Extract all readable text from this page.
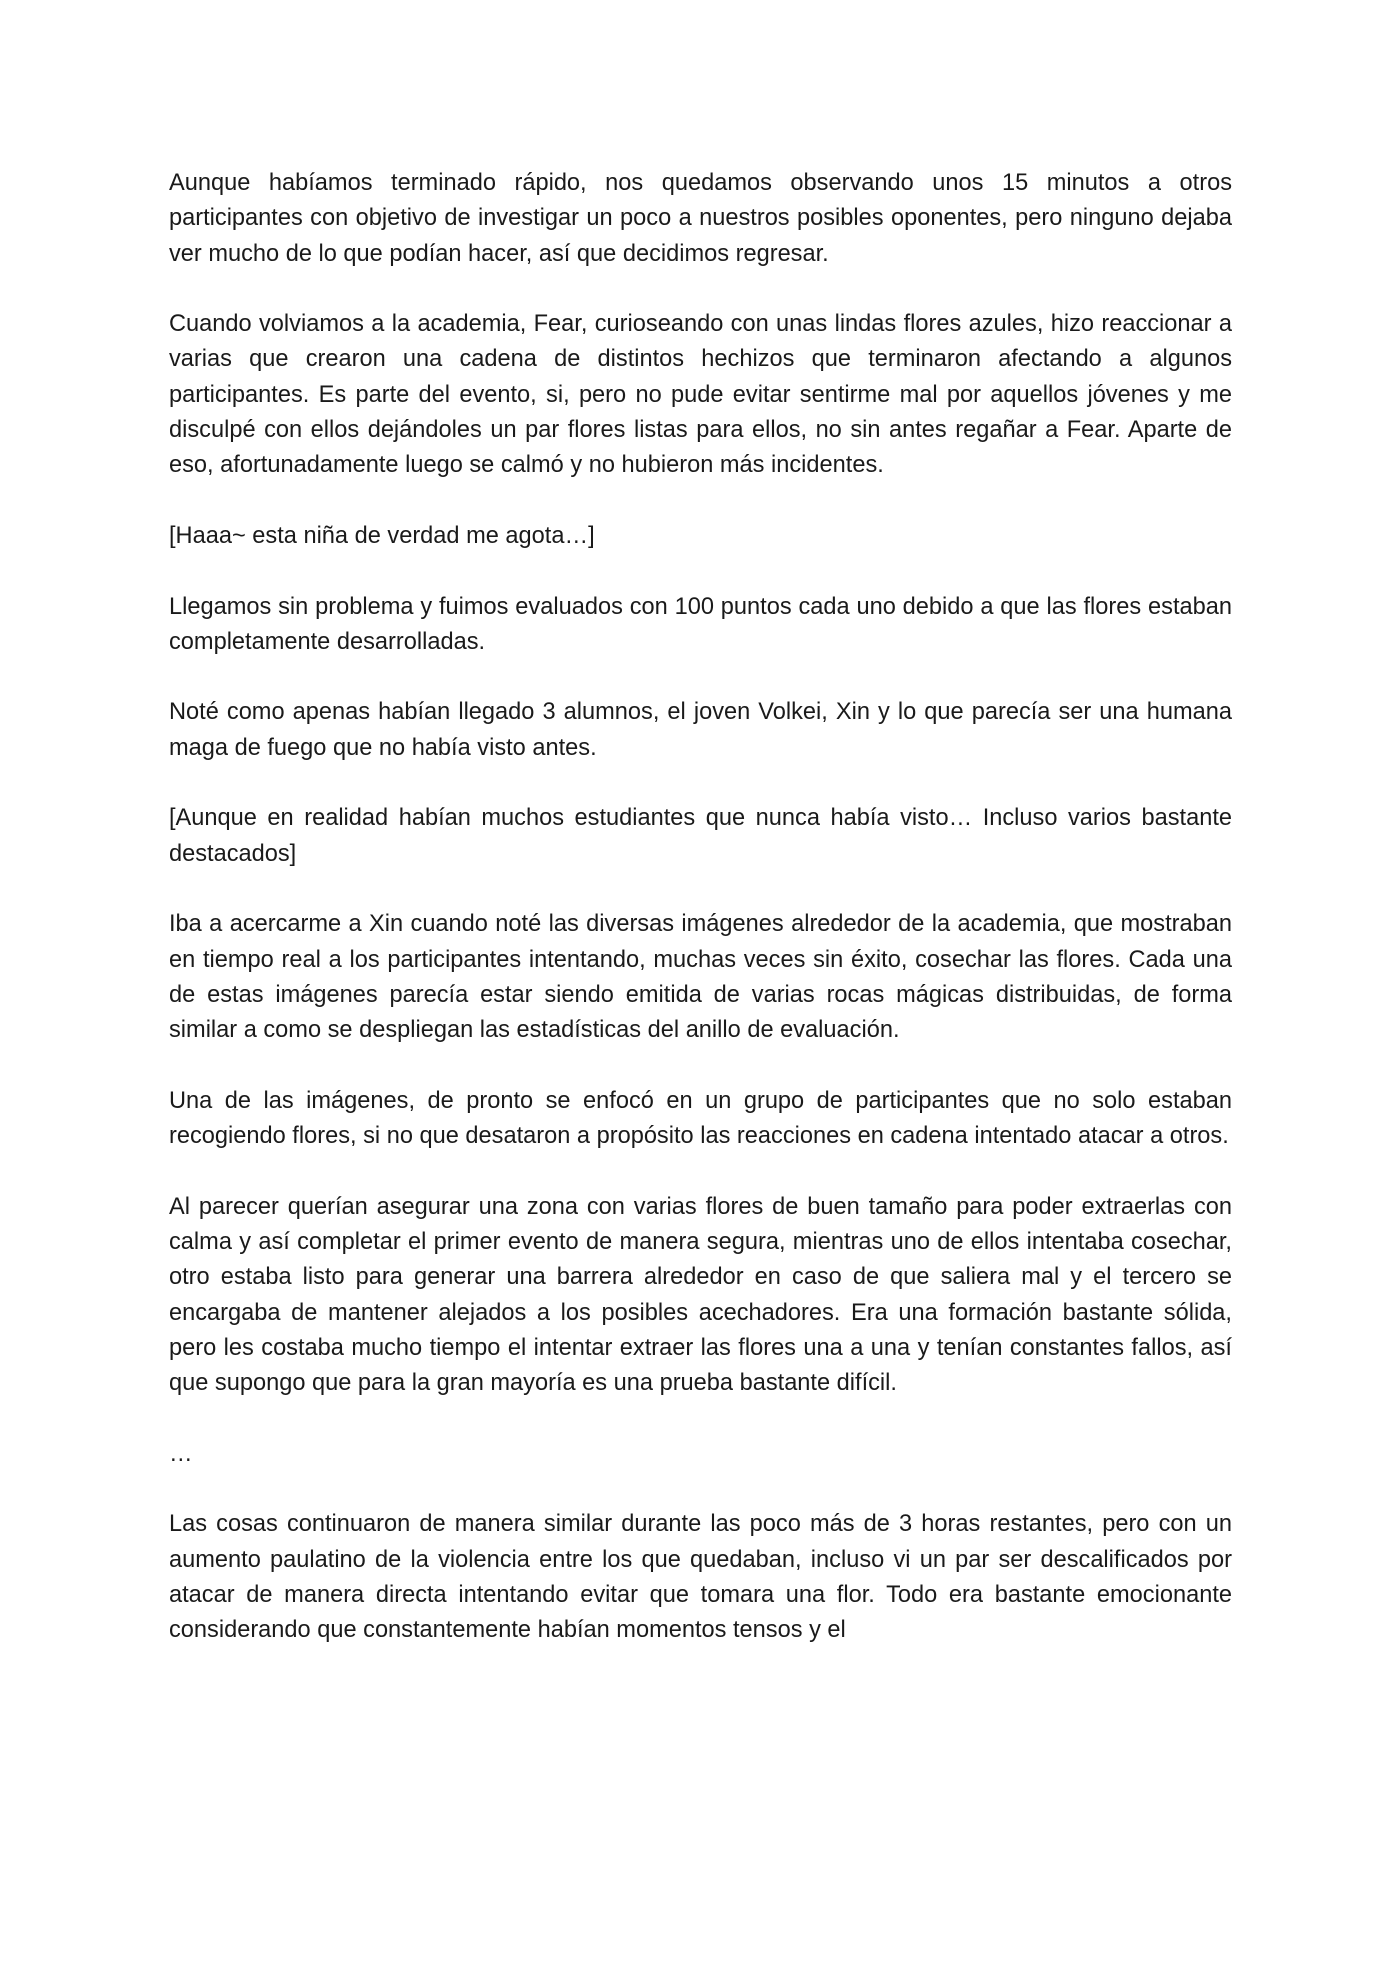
Aunque habíamos terminado rápido, nos quedamos observando unos 15 minutos a otros participantes con objetivo de investigar un poco a nuestros posibles oponentes, pero ninguno dejaba ver mucho de lo que podían hacer, así que decidimos regresar.

Cuando volviamos a la academia, Fear, curioseando con unas lindas flores azules, hizo reaccionar a varias que crearon una cadena de distintos hechizos que terminaron afectando a algunos participantes. Es parte del evento, si, pero no pude evitar sentirme mal por aquellos jóvenes y me disculpé con ellos dejándoles un par flores listas para ellos, no sin antes regañar a Fear. Aparte de eso, afortunadamente luego se calmó y no hubieron más incidentes.

[Haaa~ esta niña de verdad me agota…]

Llegamos sin problema y fuimos evaluados con 100 puntos cada uno debido a que las flores estaban completamente desarrolladas.

Noté como apenas habían llegado 3 alumnos, el joven Volkei, Xin y lo que parecía ser una humana maga de fuego que no había visto antes.

[Aunque en realidad habían muchos estudiantes que nunca había visto… Incluso varios bastante destacados]

Iba a acercarme a Xin cuando noté las diversas imágenes alrededor de la academia, que mostraban en tiempo real a los participantes intentando, muchas veces sin éxito, cosechar las flores. Cada una de estas imágenes parecía estar siendo emitida de varias rocas mágicas distribuidas, de forma similar a como se despliegan las estadísticas del anillo de evaluación.

Una de las imágenes, de pronto se enfocó en un grupo de participantes que no solo estaban recogiendo flores, si no que desataron a propósito las reacciones en cadena intentado atacar a otros.

Al parecer querían asegurar una zona con varias flores de buen tamaño para poder extraerlas con calma y así completar el primer evento de manera segura, mientras uno de ellos intentaba cosechar, otro estaba listo para generar una barrera alrededor en caso de que saliera mal y el tercero se encargaba de mantener alejados a los posibles acechadores. Era una formación bastante sólida, pero les costaba mucho tiempo el intentar extraer las flores una a una y tenían constantes fallos, así que supongo que para la gran mayoría es una prueba bastante difícil.

…

Las cosas continuaron de manera similar durante las poco más de 3 horas restantes, pero con un aumento paulatino de la violencia entre los que quedaban, incluso vi un par ser descalificados por atacar de manera directa intentando evitar que tomara una flor. Todo era bastante emocionante considerando que constantemente habían momentos tensos y el
